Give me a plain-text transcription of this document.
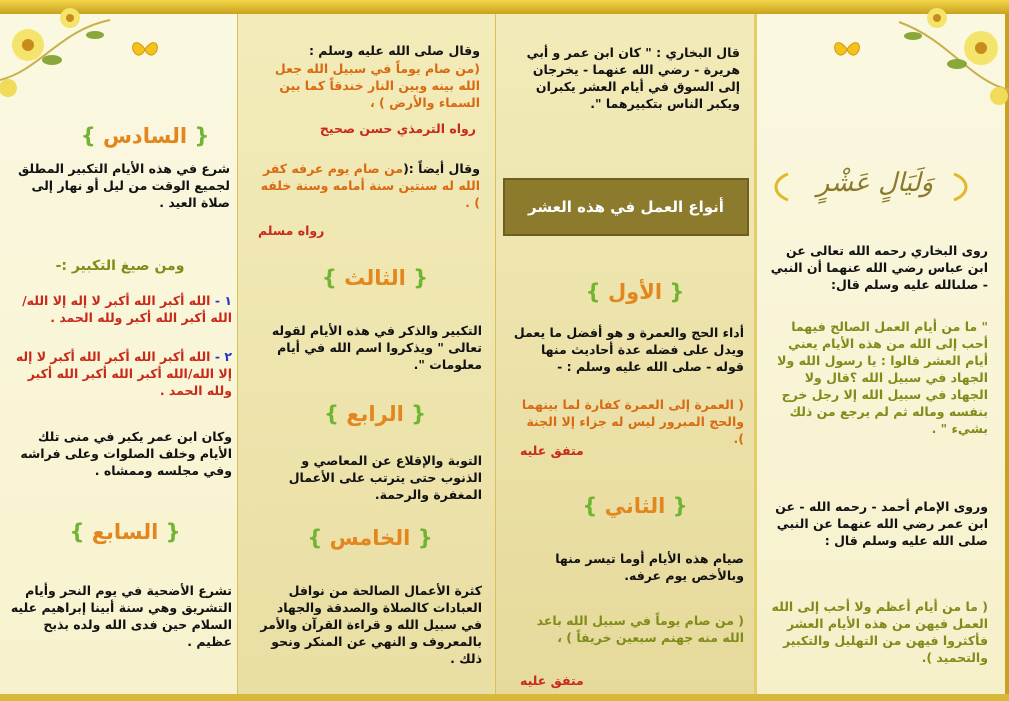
{ السادس }
شرع في هذه الأيام التكبير المطلق لجميع الوقت من ليل أو نهار إلى صلاة العيد .
ومن صيغ التكبير :-
١ - الله أكبر الله أكبر لا إله إلا الله/ الله أكبر الله أكبر ولله الحمد .
٢ - الله أكبر الله أكبر الله أكبر لا إله إلا الله/الله أكبر الله أكبر الله أكبر ولله الحمد .
وكان ابن عمر يكبر في منى تلك الأيام وخلف الصلوات وعلى فراشه وفي مجلسه وممشاه .
{ السابع }
تشرع الأضحية في يوم النحر وأيام التشريق وهي سنة أبينا إبراهيم عليه السلام حين فدى الله ولده بذبح عظيم .
وقال صلى الله عليه وسلم :
(من صام يوماً في سبيل الله جعل الله بينه وبين النار خندقاً كما بين السماء والأرض ) ،
رواه الترمذي حسن صحيح
وقال أيضاً :(من صام يوم عرفه كفر الله له سنتين سنة أمامه وسنة خلفه ) .
رواه مسلم
{ الثالث }
التكبير والذكر في هذه الأيام لقوله تعالى " ويذكروا اسم الله في أيام معلومات ".
{ الرابع }
التوبة والإقلاع عن المعاصي و الذنوب حتى يترتب على الأعمال المغفرة والرحمة.
{ الخامس }
كثرة الأعمال الصالحة من نوافل العبادات كالصلاة والصدقة والجهاد في سبيل الله و قراءة القرآن والأمر بالمعروف و النهي عن المنكر ونحو ذلك .
قال البخاري : " كان ابن عمر و أبي هريرة - رضي الله عنهما - يخرجان إلى السوق في أيام العشر يكبران ويكبر الناس بتكبيرهما ".
أنواع العمل في هذه العشر
{ الأول }
أداء الحج والعمرة و هو أفضل ما يعمل ويدل على فضله عدة أحاديث منها قوله - صلى الله عليه وسلم : -
( العمرة إلى العمرة كفارة لما بينهما والحج المبرور ليس له جزاء إلا الجنة ).
متفق عليه
{ الثاني }
صيام هذه الأيام أوما تيسر منها وبالأخص يوم عرفه.
( من صام يوماً في سبيل الله باعد الله منه جهنم سبعين خريفاً ) ،
متفق عليه
وَلَيَالٍ عَشْرٍ
روى البخاري رحمه الله تعالى عن ابن عباس رضي الله عنهما أن النبي - صلىالله عليه وسلم قال:
" ما من أيام العمل الصالح فيهما أحب إلى الله من هذه الأيام يعني أيام العشر قالوا : يا رسول الله ولا الجهاد في سبيل الله ؟قال ولا الجهاد في سبيل الله إلا رجل خرج بنفسه وماله ثم لم يرجع من ذلك بشيء " .
وروى الإمام أحمد - رحمه الله - عن ابن عمر رضي الله عنهما عن النبي صلى الله عليه وسلم قال :
( ما من أيام أعظم ولا أحب إلى الله العمل فيهن من هذه الأيام العشر فأكثروا فيهن من التهليل والتكبير والتحميد ).
